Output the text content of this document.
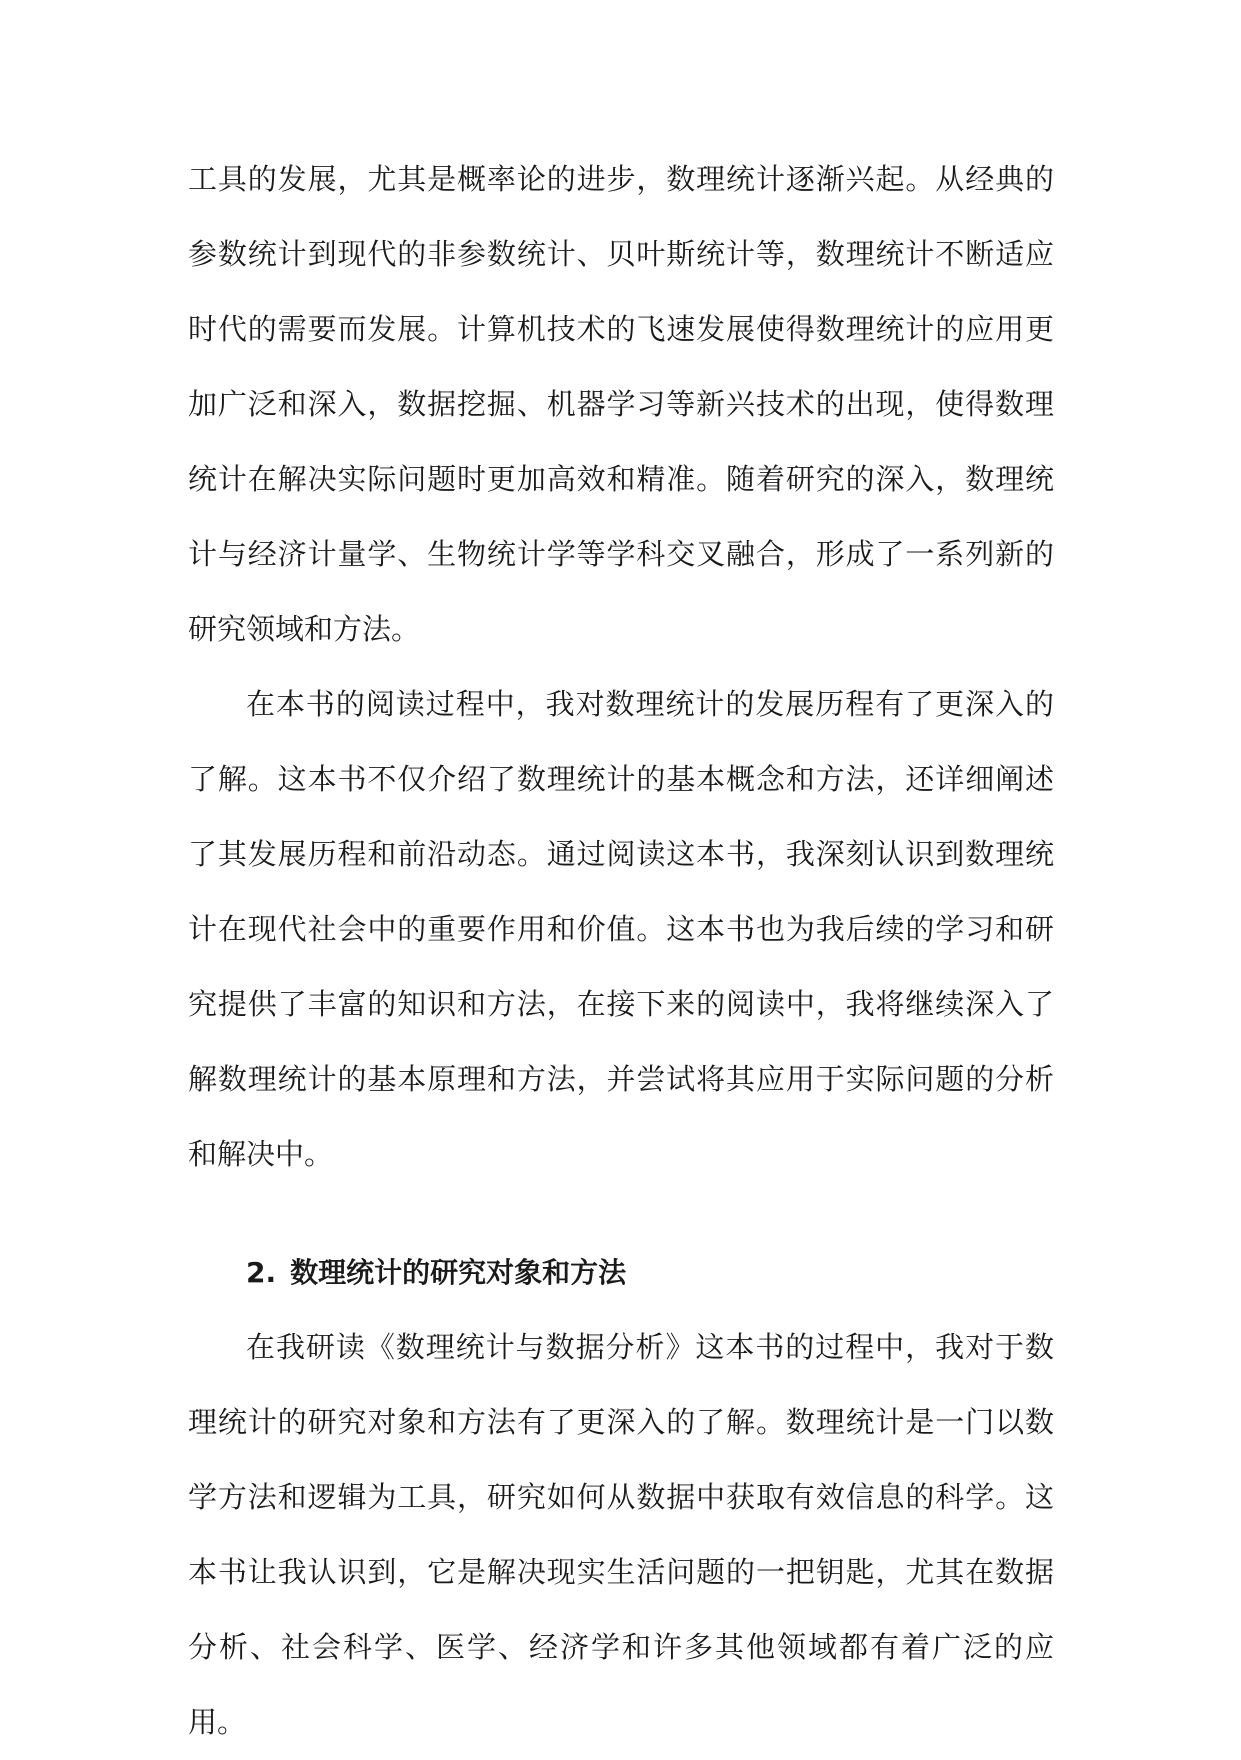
工具的发展，尤其是概率论的进步，数理统计逐渐兴起。从经典的参数统计到现代的非参数统计、贝叶斯统计等，数理统计不断适应时代的需要而发展。计算机技术的飞速发展使得数理统计的应用更加广泛和深入，数据挖掘、机器学习等新兴技术的出现，使得数理统计在解决实际问题时更加高效和精准。随着研究的深入，数理统计与经济计量学、生物统计学等学科交叉融合，形成了一系列新的研究领域和方法。

在本书的阅读过程中，我对数理统计的发展历程有了更深入的了解。这本书不仅介绍了数理统计的基本概念和方法，还详细阐述了其发展历程和前沿动态。通过阅读这本书，我深刻认识到数理统计在现代社会中的重要作用和价值。这本书也为我后续的学习和研究提供了丰富的知识和方法，在接下来的阅读中，我将继续深入了解数理统计的基本原理和方法，并尝试将其应用于实际问题的分析和解决中。

2. 数理统计的研究对象和方法

在我研读《数理统计与数据分析》这本书的过程中，我对于数理统计的研究对象和方法有了更深入的了解。数理统计是一门以数学方法和逻辑为工具，研究如何从数据中获取有效信息的科学。这本书让我认识到，它是解决现实生活问题的一把钥匙，尤其在数据分析、社会科学、医学、经济学和许多其他领域都有着广泛的应用。
